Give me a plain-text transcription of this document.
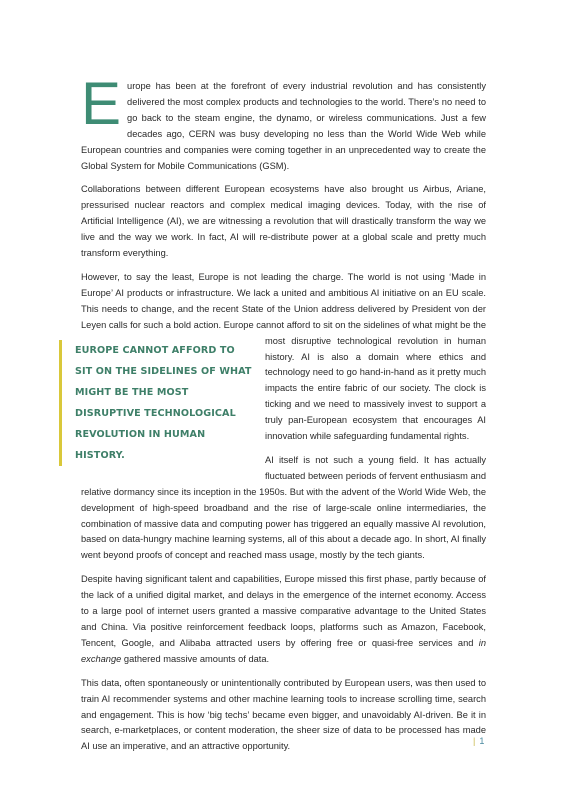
Europe has been at the forefront of every industrial revolution and has consistently delivered the most complex products and technologies to the world. There’s no need to go back to the steam engine, the dynamo, or wireless communications. Just a few decades ago, CERN was busy developing no less than the World Wide Web while European countries and companies were coming together in an unprecedented way to create the Global System for Mobile Communications (GSM).

Collaborations between different European ecosystems have also brought us Airbus, Ariane, pressurised nuclear reactors and complex medical imaging devices. Today, with the rise of Artificial Intelligence (AI), we are witnessing a revolution that will drastically transform the way we live and the way we work. In fact, AI will re-distribute power at a global scale and pretty much transform everything.

EUROPE CANNOT AFFORD TO SIT ON THE SIDELINES OF WHAT MIGHT BE THE MOST DISRUPTIVE TECHNOLOGICAL REVOLUTION IN HUMAN HISTORY.
However, to say the least, Europe is not leading the charge. The world is not using ‘Made in Europe’ AI products or infrastructure. We lack a united and ambitious AI initiative on an EU scale. This needs to change, and the recent State of the Union address delivered by President von der Leyen calls for such a bold action. Europe cannot afford to sit on the sidelines of what might be the most disruptive technological revolution in human history. AI is also a domain where ethics and technology need to go hand-in-hand as it pretty much impacts the entire fabric of our society. The clock is ticking and we need to massively invest to support a truly pan-European ecosystem that encourages AI innovation while safeguarding fundamental rights.

AI itself is not such a young field. It has actually fluctuated between periods of fervent enthusiasm and relative dormancy since its inception in the 1950s. But with the advent of the World Wide Web, the development of high-speed broadband and the rise of large-scale online intermediaries, the combination of massive data and computing power has triggered an equally massive AI revolution, based on data-hungry machine learning systems, all of this about a decade ago. In short, AI finally went beyond proofs of concept and reached mass usage, mostly by the tech giants.

Despite having significant talent and capabilities, Europe missed this first phase, partly because of the lack of a unified digital market, and delays in the emergence of the internet economy. Access to a large pool of internet users granted a massive comparative advantage to the United States and China. Via positive reinforcement feedback loops, platforms such as Amazon, Facebook, Tencent, Google, and Alibaba attracted users by offering free or quasi-free services and in exchange gathered massive amounts of data.

This data, often spontaneously or unintentionally contributed by European users, was then used to train AI recommender systems and other machine learning tools to increase scrolling time, search and engagement. This is how ‘big techs’ became even bigger, and unavoidably AI-driven. Be it in search, e-marketplaces, or content moderation, the sheer size of data to be processed has made AI use an imperative, and an attractive opportunity.

| 1
